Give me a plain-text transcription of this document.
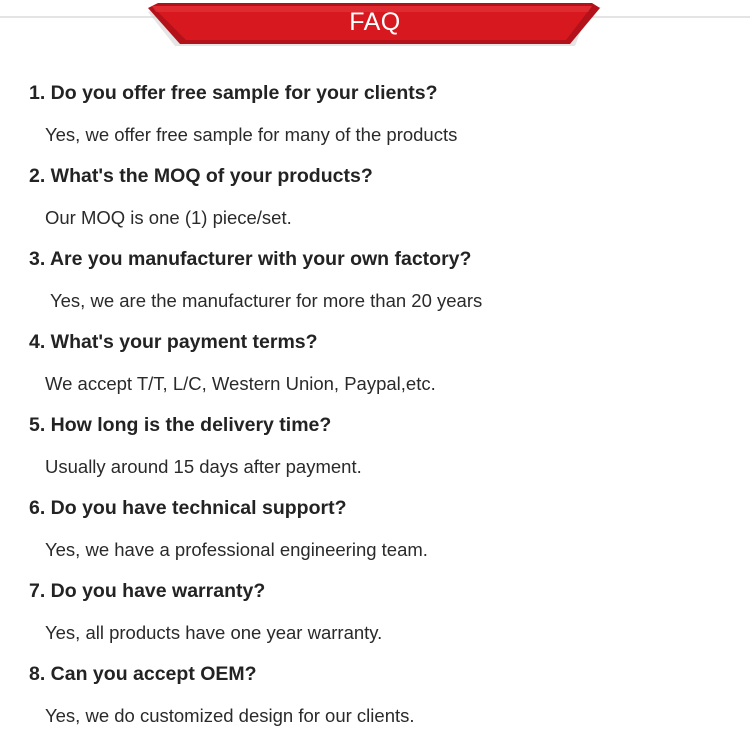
FAQ
1. Do you offer free sample for your clients?
Yes, we offer free sample for many of the products
2. What's the MOQ of your products?
Our MOQ is one (1) piece/set.
3. Are you manufacturer with your own factory?
Yes, we are the manufacturer for more than 20 years
4. What's your payment terms?
We accept T/T, L/C, Western Union, Paypal,etc.
5. How long is the delivery time?
Usually around 15 days after payment.
6. Do you have technical support?
Yes, we have a professional engineering team.
7. Do you have warranty?
Yes, all products have one year warranty.
8. Can you accept OEM?
Yes, we do customized design for our clients.
